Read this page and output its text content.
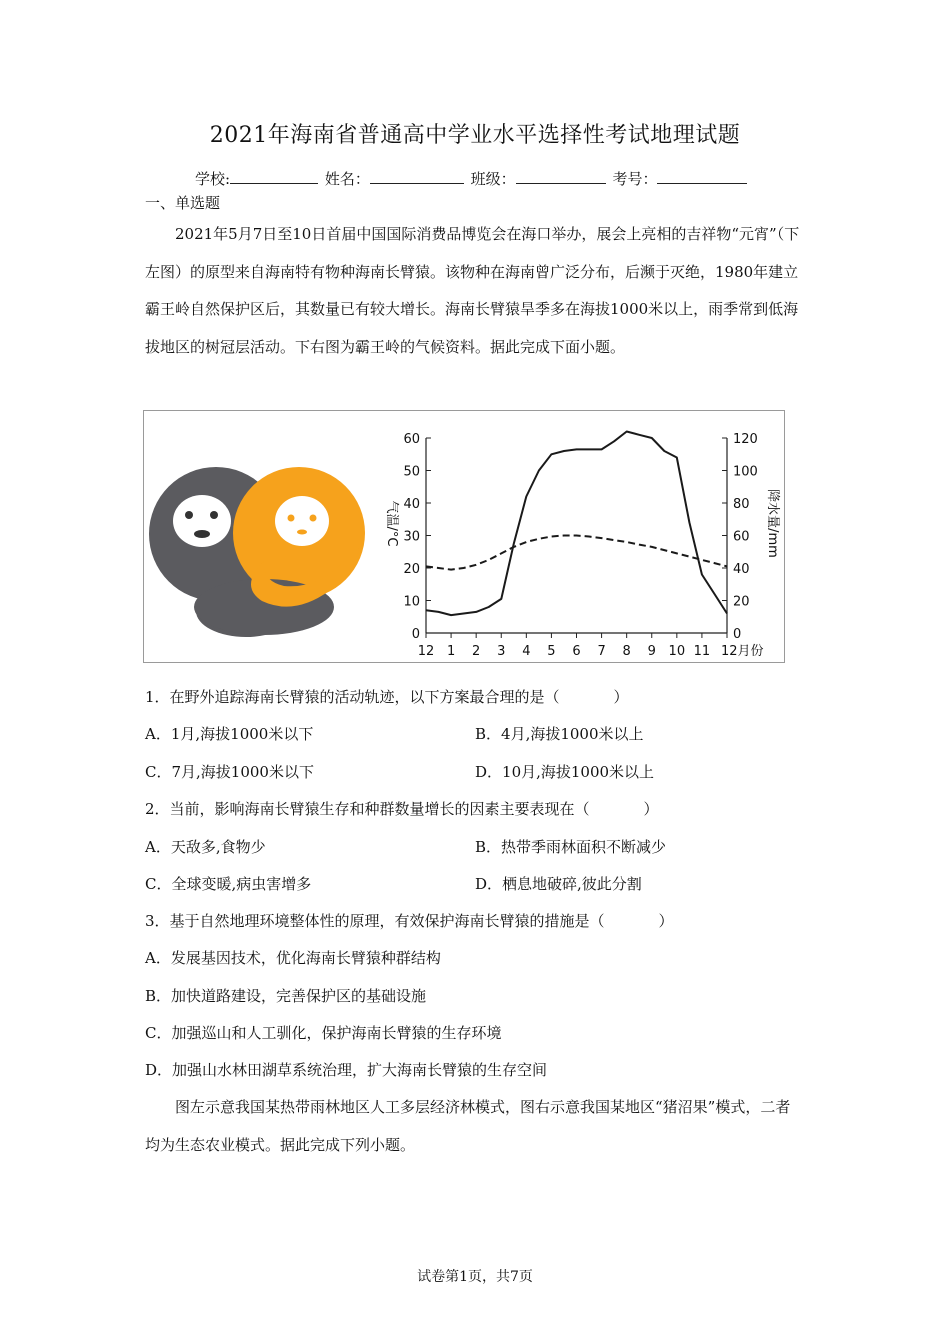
2021年海南省普通高中学业水平选择性考试地理试题
学校:	姓名：	班级：	考号：
一、单选题
2021年5月7日至10日首届中国国际消费品博览会在海口举办，展会上亮相的吉祥物“元宵”（下左图）的原型来自海南特有物种海南长臂猿。该物种在海南曾广泛分布，后濒于灭绝，1980年建立霸王岭自然保护区后，其数量已有较大增长。海南长臂猿旱季多在海拔1000米以上，雨季常到低海拔地区的树冠层活动。下右图为霸王岭的气候资料。据此完成下面小题。
0
10
20
30
40
50
60
0
20
40
60
80
100
120
12 1 2 3 4 5 6 7 8 9 10 11 12月份
气温/°C	降水量/mm
1．在野外追踪海南长臂猿的活动轨迹，以下方案最合理的是（	）
A．1月,海拔1000米以下	B．4月,海拔1000米以上
C．7月,海拔1000米以下	D．10月,海拔1000米以上
2．当前，影响海南长臂猿生存和种群数量增长的因素主要表现在（	）
A．天敌多,食物少	B．热带季雨林面积不断减少
C．全球变暖,病虫害增多	D．栖息地破碎,彼此分割
3．基于自然地理环境整体性的原理，有效保护海南长臂猿的措施是（	）
A．发展基因技术，优化海南长臂猿种群结构
B．加快道路建设，完善保护区的基础设施
C．加强巡山和人工驯化，保护海南长臂猿的生存环境
D．加强山水林田湖草系统治理，扩大海南长臂猿的生存空间
图左示意我国某热带雨林地区人工多层经济林模式，图右示意我国某地区“猪沼果”模式，二者均为生态农业模式。据此完成下列小题。
试卷第1页，共7页
